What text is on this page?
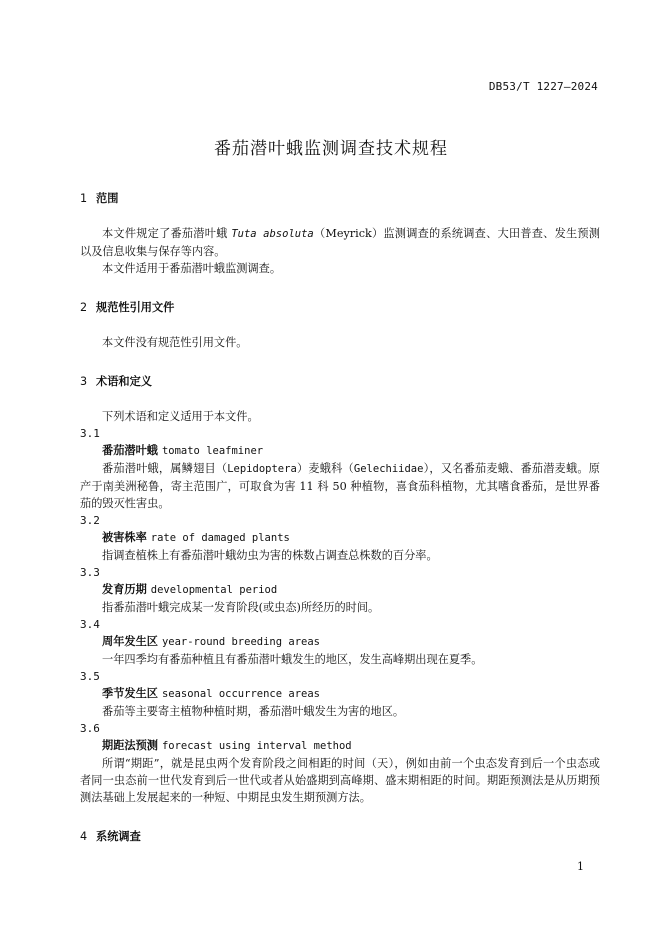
DB53/T 1227—2024
番茄潜叶蛾监测调查技术规程

1 范围

本文件规定了番茄潜叶蛾 Tuta absoluta（Meyrick）监测调查的系统调查、大田普查、发生预测以及信息收集与保存等内容。

本文件适用于番茄潜叶蛾监测调查。

2 规范性引用文件

本文件没有规范性引用文件。

3 术语和定义

下列术语和定义适用于本文件。

3.1

番茄潜叶蛾 tomato leafminer

番茄潜叶蛾，属鳞翅目（Lepidoptera）麦蛾科（Gelechiidae），又名番茄麦蛾、番茄潜麦蛾。原产于南美洲秘鲁，寄主范围广，可取食为害 11 科 50 种植物，喜食茄科植物，尤其嗜食番茄，是世界番茄的毁灭性害虫。

3.2

被害株率 rate of damaged plants

指调查植株上有番茄潜叶蛾幼虫为害的株数占调查总株数的百分率。

3.3

发育历期 developmental period

指番茄潜叶蛾完成某一发育阶段(或虫态)所经历的时间。

3.4

周年发生区 year-round breeding areas

一年四季均有番茄种植且有番茄潜叶蛾发生的地区，发生高峰期出现在夏季。

3.5

季节发生区 seasonal occurrence areas

番茄等主要寄主植物种植时期，番茄潜叶蛾发生为害的地区。

3.6

期距法预测 forecast using interval method

所谓“期距”，就是昆虫两个发育阶段之间相距的时间（天），例如由前一个虫态发育到后一个虫态或者同一虫态前一世代发育到后一世代或者从始盛期到高峰期、盛末期相距的时间。期距预测法是从历期预测法基础上发展起来的一种短、中期昆虫发生期预测方法。

4 系统调查

1
